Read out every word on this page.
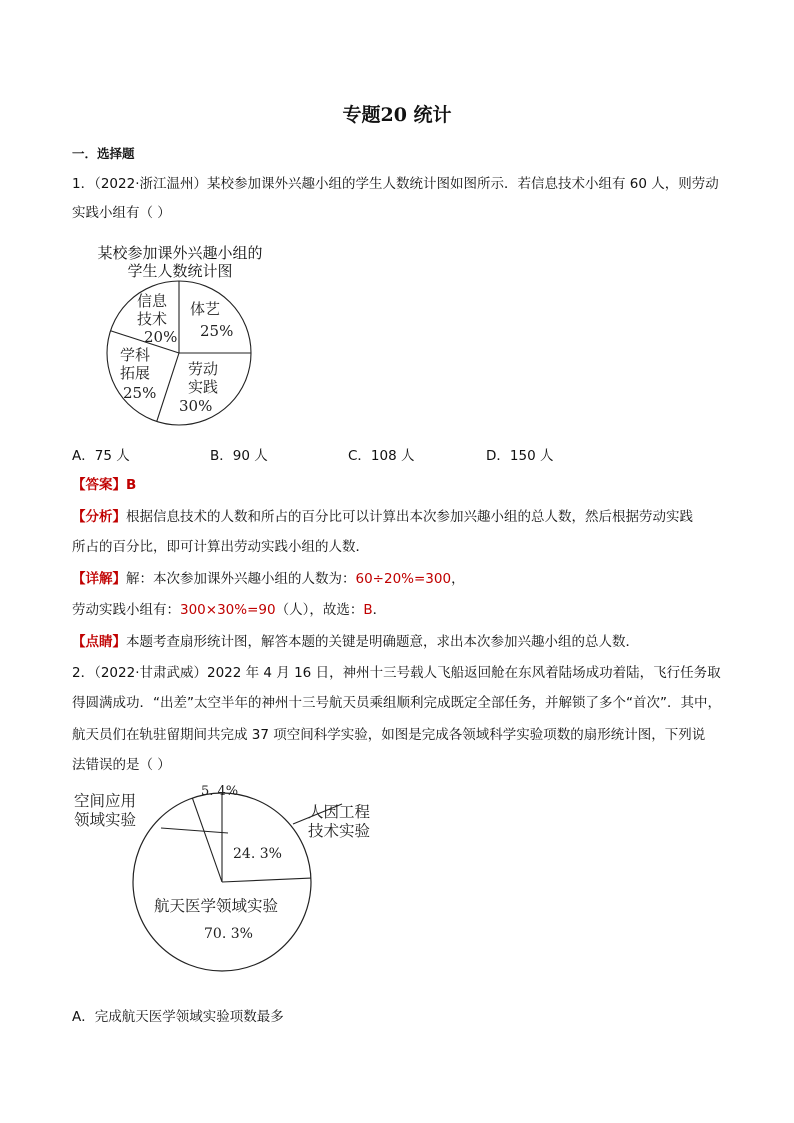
专题20 统计
一．选择题
1．（2022·浙江温州）某校参加课外兴趣小组的学生人数统计图如图所示．若信息技术小组有 60 人，则劳动
实践小组有（ ）
某校参加课外兴趣小组的
学生人数统计图
体艺
25%
劳动
实践
30%
学科
拓展
25%
信息
技术
20%
A．75 人	B．90 人	C．108 人	D．150 人
【答案】B
【分析】根据信息技术的人数和所占的百分比可以计算出本次参加兴趣小组的总人数，然后根据劳动实践
所占的百分比，即可计算出劳动实践小组的人数．
【详解】解：本次参加课外兴趣小组的人数为：60÷20%=300，
劳动实践小组有：300×30%=90（人），故选：B．
【点睛】本题考查扇形统计图，解答本题的关键是明确题意，求出本次参加兴趣小组的总人数．
2．（2022·甘肃武威）2022 年 4 月 16 日，神州十三号载人飞船返回舱在东风着陆场成功着陆，飞行任务取
得圆满成功．“出差”太空半年的神州十三号航天员乘组顺利完成既定全部任务，并解锁了多个“首次”．其中，
航天员们在轨驻留期间共完成 37 项空间科学实验，如图是完成各领域科学实验项数的扇形统计图，下列说
法错误的是（ ）
空间应用
领域实验
5. 4%
人因工程
技术实验
24. 3%
航天医学领域实验
70. 3%
A．完成航天医学领域实验项数最多
